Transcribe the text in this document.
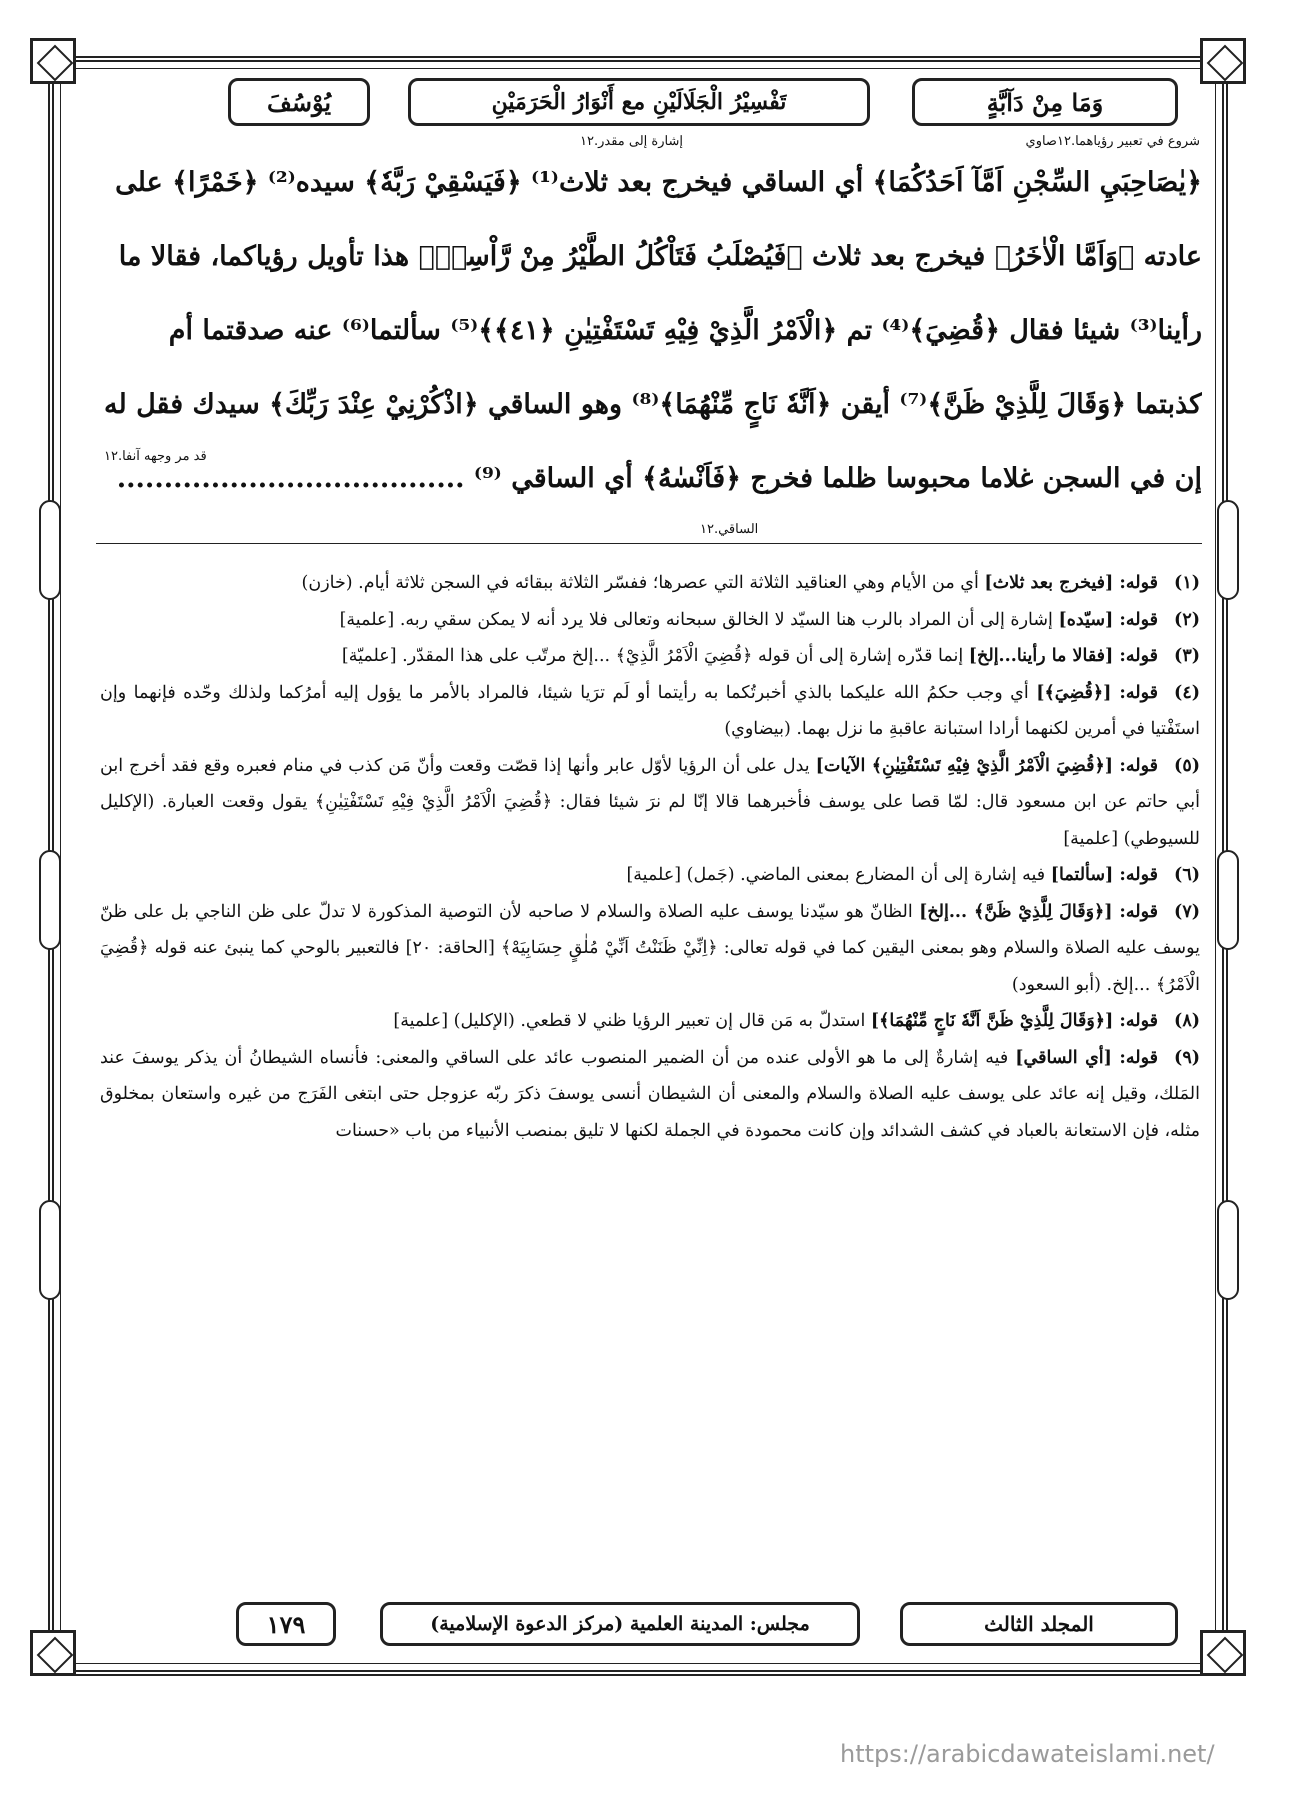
وَمَا مِنْ دَآبَّةٍ
تَفْسِيْرُ الْجَلَالَيْنِ مع أَنْوَارُ الْحَرَمَيْنِ
يُوْسُفَ
شروع في تعبير رؤياهما.١٢صاوي
إشارة إلى مقدر.١٢
قد مر وجهه آنفا.١٢
الساقي.١٢
﴿يٰصَاحِبَيِ السِّجْنِ اَمَّآ اَحَدُكُمَا﴾ أي الساقي فيخرج بعد ثلاث⁽¹⁾ ﴿فَيَسْقِيْ رَبَّهٗ﴾ سيده⁽²⁾ ﴿خَمْرًا﴾ على
عادته ﴿وَاَمَّا الْاٰخَرُ﴾ فيخرج بعد ثلاث ﴿فَيُصْلَبُ فَتَاْكُلُ الطَّيْرُ مِنْ رَّاْسِهٖ﴾ هذا تأويل رؤياكما، فقالا ما
رأينا⁽³⁾ شيئا فقال ﴿قُضِيَ﴾⁽⁴⁾ تم ﴿الْاَمْرُ الَّذِيْ فِيْهِ تَسْتَفْتِيٰنِ ﴿٤١﴾﴾⁽⁵⁾ سألتما⁽⁶⁾ عنه صدقتما أم
كذبتما ﴿وَقَالَ لِلَّذِيْ ظَنَّ﴾⁽⁷⁾ أيقن ﴿اَنَّهٗ نَاجٍ مِّنْهُمَا﴾⁽⁸⁾ وهو الساقي ﴿اذْكُرْنِيْ عِنْدَ رَبِّكَ﴾ سيدك فقل له
إن في السجن غلاما محبوسا ظلما فخرج ﴿فَاَنْسٰهُ﴾ أي الساقي ⁽⁹⁾ .....................................

(١)قوله: [فيخرج بعد ثلاث] أي من الأيام وهي العناقيد الثلاثة التي عصرها؛ ففسّر الثلاثة ببقائه في السجن ثلاثة أيام. (خازن)

(٢)قوله: [سيّده] إشارة إلى أن المراد بالرب هنا السيّد لا الخالق سبحانه وتعالى فلا يرد أنه لا يمكن سقي ربه. [علمية]

(٣)قوله: [فقالا ما رأينا...إلخ] إنما قدّره إشارة إلى أن قوله ﴿قُضِيَ الْاَمْرُ الَّذِيْ﴾ ...إلخ مرتّب على هذا المقدّر. [علميّة]

(٤)قوله: [﴿قُضِيَ﴾] أي وجب حكمُ الله عليكما بالذي أخبرتُكما به رأيتما أو لَم ترَيا شيئا، فالمراد بالأمر ما يؤول إليه أمرُكما ولذلك وحّده فإنهما وإن استَفْتيا في أمرين لكنهما أرادا استبانة عاقبةِ ما نزل بهما. (بيضاوي)

(٥)قوله: [﴿قُضِيَ الْاَمْرُ الَّذِيْ فِيْهِ تَسْتَفْتِيٰنِ﴾ الآيات] يدل على أن الرؤيا لأوّل عابر وأنها إذا قصّت وقعت وأنّ مَن كذب في منام فعبره وقع فقد أخرج ابن أبي حاتم عن ابن مسعود قال: لمّا قصا على يوسف فأخبرهما قالا إنّا لم نرَ شيئا فقال: ﴿قُضِيَ الْاَمْرُ الَّذِيْ فِيْهِ تَسْتَفْتِيٰنِ﴾ يقول وقعت العبارة. (الإكليل للسيوطي) [علمية]

(٦)قوله: [سألتما] فيه إشارة إلى أن المضارع بمعنى الماضي. (جَمل) [علمية]

(٧)قوله: [﴿وَقَالَ لِلَّذِيْ ظَنَّ﴾ ...إلخ] الظانّ هو سيّدنا يوسف عليه الصلاة والسلام لا صاحبه لأن التوصية المذكورة لا تدلّ على ظن الناجي بل على ظنّ يوسف عليه الصلاة والسلام وهو بمعنى اليقين كما في قوله تعالى: ﴿اِنِّيْ ظَنَنْتُ اَنِّيْ مُلٰقٍ حِسَابِيَهْ﴾ [الحاقة: ٢٠] فالتعبير بالوحي كما ينبئ عنه قوله ﴿قُضِيَ الْاَمْرُ﴾ ...إلخ. (أبو السعود)

(٨)قوله: [﴿وَقَالَ لِلَّذِيْ ظَنَّ اَنَّهٗ نَاجٍ مِّنْهُمَا﴾] استدلّ به مَن قال إن تعبير الرؤيا ظني لا قطعي. (الإكليل) [علمية]

(٩)قوله: [أي الساقي] فيه إشارةٌ إلى ما هو الأولى عنده من أن الضمير المنصوب عائد على الساقي والمعنى: فأنساه الشيطانُ أن يذكر يوسفَ عند المَلك، وقيل إنه عائد على يوسف عليه الصلاة والسلام والمعنى أن الشيطان أنسى يوسفَ ذكرَ ربّه عزوجل حتى ابتغى الفَرَج من غيره واستعان بمخلوق مثله، فإن الاستعانة بالعباد في كشف الشدائد وإن كانت محمودة في الجملة لكنها لا تليق بمنصب الأنبياء من باب «حسنات

المجلد الثالث
مجلس: المدينة العلمية (مركز الدعوة الإسلامية)
١٧٩
https://arabicdawateislami.net/
